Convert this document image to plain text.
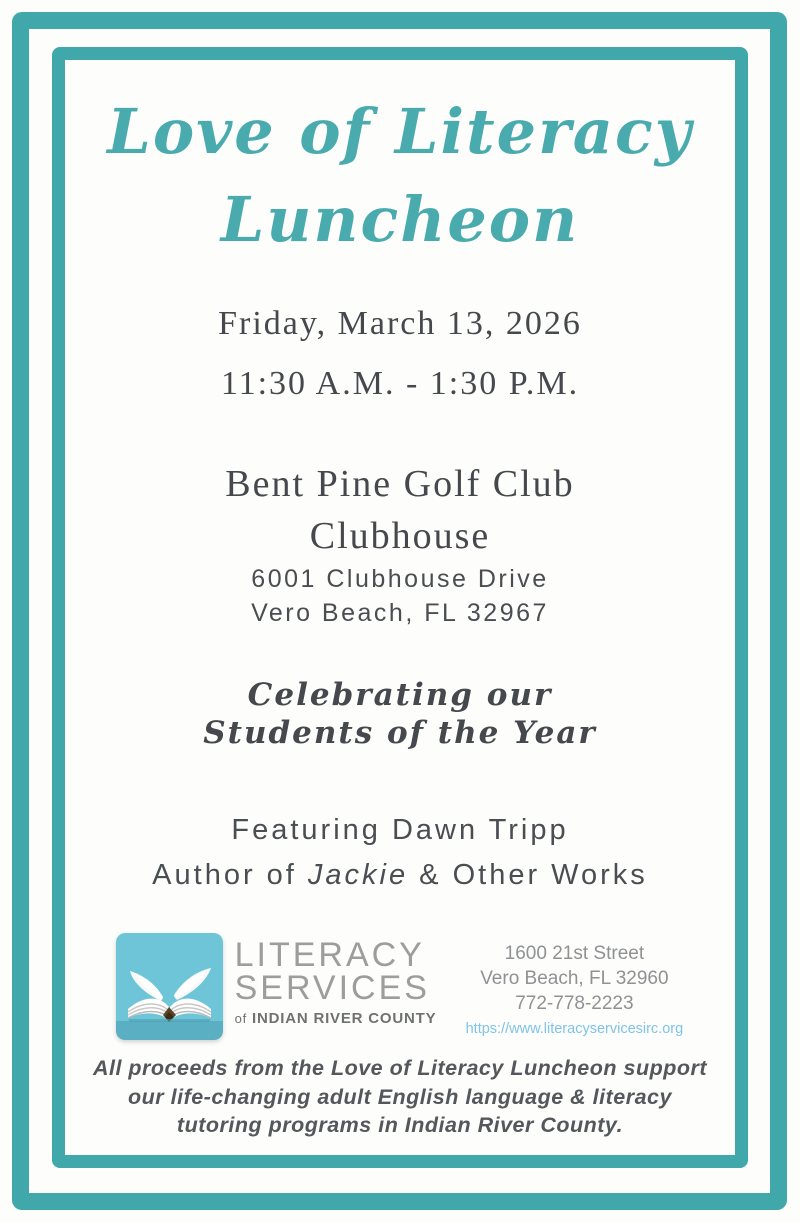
Love of Literacy
Luncheon
Friday, March 13, 2026
11:30 A.M. - 1:30 P.M.
Bent Pine Golf Club
Clubhouse
6001 Clubhouse Drive
Vero Beach, FL 32967
Celebrating our
Students of the Year
Featuring Dawn Tripp
Author of Jackie & Other Works
LITERACY
SERVICES
of INDIAN RIVER COUNTY
1600 21st Street
Vero Beach, FL 32960
772-778-2223
https://www.literacyservicesirc.org
All proceeds from the Love of Literacy Luncheon support
our life-changing adult English language & literacy
tutoring programs in Indian River County.
